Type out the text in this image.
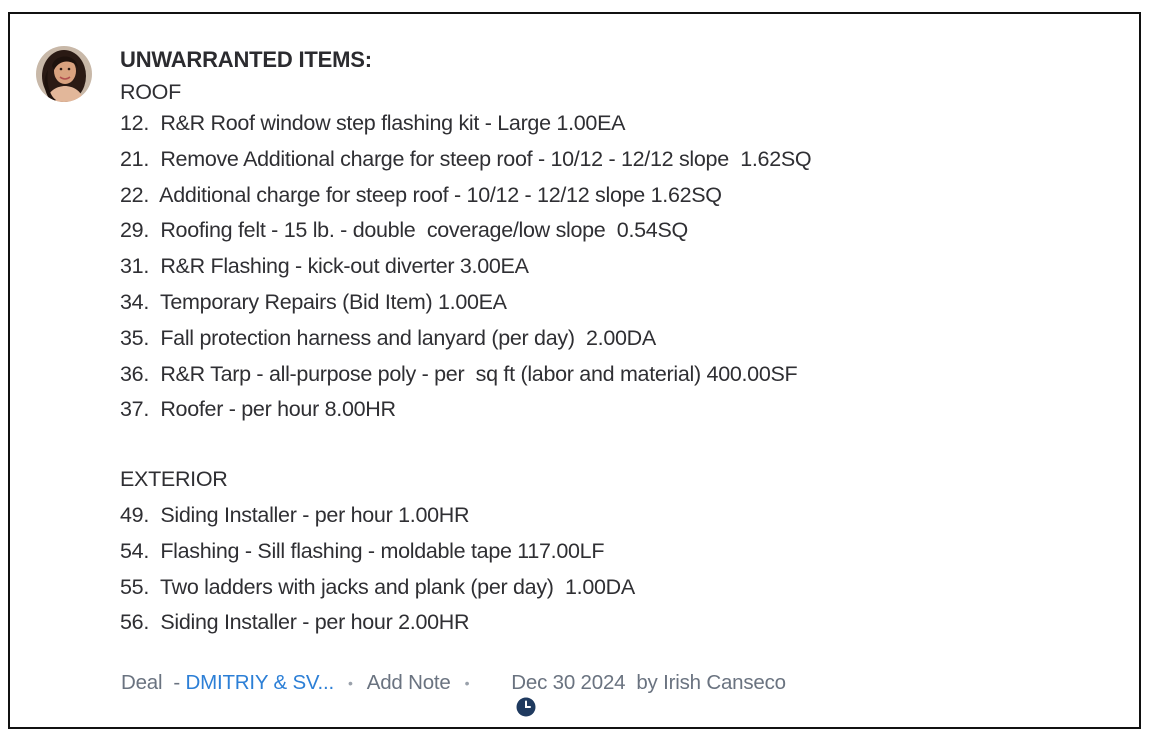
UNWARRANTED ITEMS:
ROOF
12.  R&R Roof window step flashing kit - Large 1.00EA
21.  Remove Additional charge for steep roof - 10/12 - 12/12 slope  1.62SQ
22.  Additional charge for steep roof - 10/12 - 12/12 slope 1.62SQ
29.  Roofing felt - 15 lb. - double  coverage/low slope  0.54SQ
31.  R&R Flashing - kick-out diverter 3.00EA
34.  Temporary Repairs (Bid Item) 1.00EA
35.  Fall protection harness and lanyard (per day)  2.00DA
36.  R&R Tarp - all-purpose poly - per  sq ft (labor and material) 400.00SF
37.  Roofer - per hour 8.00HR
EXTERIOR
49.  Siding Installer - per hour 1.00HR
54.  Flashing - Sill flashing - moldable tape 117.00LF
55.  Two ladders with jacks and plank (per day)  1.00DA
56.  Siding Installer - per hour 2.00HR
Deal  - DMITRIY & SV... • Add Note •

Dec 30 2024
by
Irish Canseco
